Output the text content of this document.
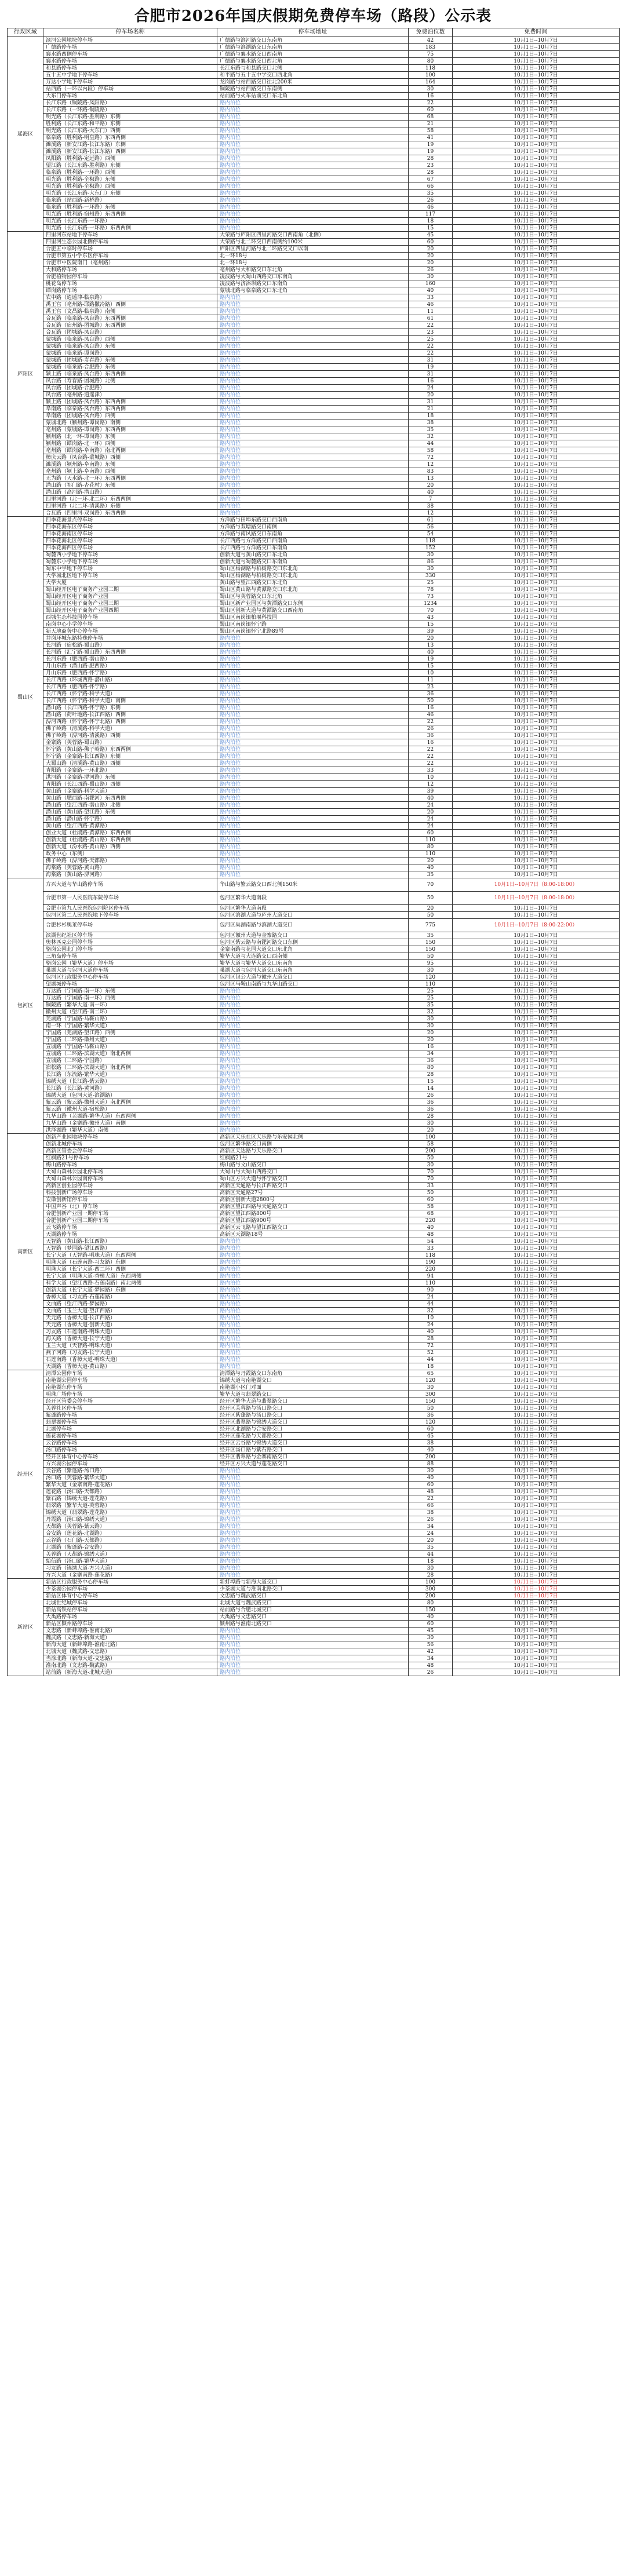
合肥市2026年国庆假期免费停车场（路段）公示表
行政区域	停车场名称	停车场地址	免费泊位数	免费时间
瑶海区	滨河公园地块停车场	广德路与滨河路交口东南角	42	10月1日--10月7日
	广德路停车场	广德路与滨湖路交口东南角	183	10月1日--10月7日
	襄水路西侧停车场	广德路与襄水路交口西南角	75	10月1日--10月7日
	襄水路停车场	广德路与襄水路交口西北角	80	10月1日--10月7日
	和县路停车场	长江东路与和县路交口北侧	118	10月1日--10月7日
	五十五中学地下停车场	和平路与五十五中学交口西北角	100	10月1日--10月7日
	万达小学地下停车场	龙岗路与站西路交口往北200米	164	10月1日--10月7日
	站西路（一环以内段）停车场	铜陵路与站西路交口东南侧	30	10月1日--10月7日
	大东门停车场	站前路与火车站前交口东北角	16	10月1日--10月7日
	长江东路（铜陵路-凤阳路）	路内泊位	22	10月1日--10月7日
	长江东路（一环路-铜陵路）	路内泊位	60	10月1日--10月7日
	明光路（长江东路-胜利路）东侧	路内泊位	68	10月1日--10月7日
	胜利路（长江东路-和平路）东侧	路内泊位	21	10月1日--10月7日
	明光路（长江东路-大东门）西侧	路内泊位	58	10月1日--10月7日
	临泉路（胜利路-明皇路）东西两侧	路内泊位	41	10月1日--10月7日
	濉溪路（新安江路-长江东路）东侧	路内泊位	19	10月1日--10月7日
	濉溪路（新安江路-长江东路）西侧	路内泊位	19	10月1日--10月7日
	凤阳路（胜利路-定远路）西侧	路内泊位	28	10月1日--10月7日
	望江路（长江东路-胜利路）东侧	路内泊位	23	10月1日--10月7日
	临泉路（胜利路-一环路）西侧	路内泊位	28	10月1日--10月7日
	明光路（胜利路-全椒路）东侧	路内泊位	67	10月1日--10月7日
	明光路（胜利路-全椒路）西侧	路内泊位	66	10月1日--10月7日
	明光路（长江东路-大东门）东侧	路内泊位	35	10月1日--10月7日
	临泉路（站西路-新桥路）	路内泊位	26	10月1日--10月7日
	临泉路（胜利路-一环路）东侧	路内泊位	46	10月1日--10月7日
	明光路（胜利路-宿州路）东西两侧	路内泊位	117	10月1日--10月7日
	明光路（长江东路-一环路）	路内泊位	18	10月1日--10月7日
	明光路（长江东路-一环路）东西两侧	路内泊位	15	10月1日--10月7日
庐阳区	四里河东站地下停车场	大荣路与庐阳区四里河路交口西南角（北侧）	45	10月1日--10月7日
	四里河生态公园北侧停车场	大荣路与北二环交口西南侧约100米	60	10月1日--10月7日
	合肥五中临时停车场	庐阳区四里河路与北二环路交叉口以南	20	10月1日--10月7日
	合肥市第五中学东区停车场	北一环18号	20	10月1日--10月7日
	合肥市中医院南门（亳州路）	北一环18号	20	10月1日--10月7日
	大和路停车场	亳州路与大和路交口东北角	26	10月1日--10月7日
	合肥植物园停车场	凌波路与大蜀山西路交口东南角	30	10月1日--10月7日
	桃花岛停车场	凌波路与济浴坝路交口东南角	160	10月1日--10月7日
	谭岗路停车场	蒙城北路与临泉路交口东北角	40	10月1日--10月7日
	农中路（逍遥津-临泉路）	路内泊位	33	10月1日--10月7日
	禹王宫（亳州路-耶路撒冷路）西侧	路内泊位	46	10月1日--10月7日
	禹王宫（文昌路-临泉路）南侧	路内泊位	11	10月1日--10月7日
	合瓦路（临泉路-凤台路）东西两侧	路内泊位	61	10月1日--10月7日
	合瓦路（宿州路-团城路）东西两侧	路内泊位	22	10月1日--10月7日
	合瓦路（团城路-凤台路）	路内泊位	23	10月1日--10月7日
	蒙城路（临泉路-凤台路）西侧	路内泊位	25	10月1日--10月7日
	蒙城路（临泉路-凤台路）东侧	路内泊位	22	10月1日--10月7日
	蒙城路（临泉路-谭岗路）	路内泊位	22	10月1日--10月7日
	蒙城路（团城路-寿春路）东侧	路内泊位	31	10月1日--10月7日
	蒙城路（临泉路-合肥路）东侧	路内泊位	19	10月1日--10月7日
	颍上路（临泉路-凤台路）东西两侧	路内泊位	31	10月1日--10月7日
	凤台路（寿春路-团城路）北侧	路内泊位	16	10月1日--10月7日
	凤台路（团城路-合肥路）	路内泊位	24	10月1日--10月7日
	凤台路（亳州路-逍遥津）	路内泊位	20	10月1日--10月7日
	颍上路（团城路-凤台路）东西两侧	路内泊位	31	10月1日--10月7日
	阜南路（临泉路-凤台路）东西两侧	路内泊位	21	10月1日--10月7日
	阜南路（团城路-凤台路）西侧	路内泊位	18	10月1日--10月7日
	蒙城北路（颍州路-谭岗路）南侧	路内泊位	38	10月1日--10月7日
	亳州路（蒙城路-谭岗路）东西两侧	路内泊位	35	10月1日--10月7日
	颍州路（北一环-谭岗路）东侧	路内泊位	32	10月1日--10月7日
	颍州路（谭岗路-北一环）西侧	路内泊位	44	10月1日--10月7日
	亳州路（谭岗路-阜南路）南北两侧	路内泊位	58	10月1日--10月7日
	樟庆云路（凤台路-蒙城路）西侧	路内泊位	72	10月1日--10月7日
	濉溪路（颍州路-阜南路）东侧	路内泊位	12	10月1日--10月7日
	亳州路（颍上路-阜南路）西侧	路内泊位	83	10月1日--10月7日
	无为路（天水路-北一环）东西两侧	路内泊位	13	10月1日--10月7日
	潜山路（祁门路-杏花村）东侧	路内泊位	20	10月1日--10月7日
	潜山路（高河路-潜山路）	路内泊位	40	10月1日--10月7日
	四里河路（北一环-北二环）东西两侧	路内泊位	7	10月1日--10月7日
	四里河路（北二环-清溪路）东侧	路内泊位	38	10月1日--10月7日
	合瓦路（四里河-双岗路）东西两侧	路内泊位	12	10月1日--10月7日
蜀山区	四季花海景点停车场	方洋路与田埠东路交口西南角	61	10月1日--10月7日
	四季花海东区停车场	方洋路与双塘路交口南侧	56	10月1日--10月7日
	四季花海南区停车场	方洋路与南风路交口东南角	54	10月1日--10月7日
	四季花海北区停车场	长江西路与方洋路交口西南角	118	10月1日--10月7日
	四季花海西区停车场	长江西路与方洋路交口东南角	152	10月1日--10月7日
	蜀麓西小学地下停车场	创新大道与黄山路交口东北角	30	10月1日--10月7日
	蜀麓东小学地下停车场	创新大道与蜀麓路交口东南角	86	10月1日--10月7日
	蜀东中学地下停车场	蜀山区杨湖路与柏树路交口东北角	30	10月1日--10月7日
	大学城北区地下停车场	蜀山区杨湖路与柏树路交口东北角	330	10月1日--10月7日
	大学大厦	黄山路与望江西路交口东北角	25	10月1日--10月7日
	蜀山经开区电子商务产业园二期	蜀山区黄山路与黄潭路交口东北角	78	10月1日--10月7日
	蜀山经开区电子商务产业园	蜀山区与芙蓉路交口东北角	73	10月1日--10月7日
	蜀山经开区电子商务产业园三期	蜀山区新产业园区与黄潭路交口东侧	1234	10月1日--10月7日
	蜀山经开区电子商务产业园四期	蜀山区创新大道与黄潭路交口西南角	70	10月1日--10月7日
	西城生态科技园停车场	蜀山区南岗镇柏堰科技园	43	10月1日--10月7日
	南岗中心小学停车场	蜀山区南岗镇怀宁路	15	10月1日--10月7日
	新天地商务中心停车场	蜀山区南岗镇怀宁北路89号	39	10月1日--10月7日
	井岗环城东路特殊停车场	路内泊位	20	10月1日--10月7日
	长河路（宿松路-蜀山路）	路内泊位	13	10月1日--10月7日
	长河路（汇宁路-蜀山路）东西两侧	路内泊位	40	10月1日--10月7日
	长河东路（肥西路-潜山路）	路内泊位	19	10月1日--10月7日
	月山东路（潜山路-肥西路）	路内泊位	15	10月1日--10月7日
	月山东路（肥西路-怀宁路）	路内泊位	10	10月1日--10月7日
	长江西路（环城西路-潜山路）	路内泊位	11	10月1日--10月7日
	长江西路（肥西路-怀宁路）	路内泊位	23	10月1日--10月7日
	长江西路（怀宁路-科学大道）	路内泊位	36	10月1日--10月7日
	长江西路（怀宁路-科学大道）南侧	路内泊位	50	10月1日--10月7日
	潜山路（长江西路-怀宁路）东侧	路内泊位	16	10月1日--10月7日
	潜山路（荷叶地路-长江西路）西侧	路内泊位	46	10月1日--10月7日
	淠河西路（怀宁路-怀宁北路）西侧	路内泊位	22	10月1日--10月7日
	佛子岭路（清溪路-科学大道）	路内泊位	26	10月1日--10月7日
	佛子岭路（淠河路-清溪路）西侧	路内泊位	36	10月1日--10月7日
	金寨路（芙蓉路-蜀山路）	路内泊位	16	10月1日--10月7日
	怀宁路（黄山路-佛子岭路）东西两侧	路内泊位	22	10月1日--10月7日
	怀宁路（金寨路-长江西路）东侧	路内泊位	22	10月1日--10月7日
	大蜀山路（清溪路-黄山路）西侧	路内泊位	22	10月1日--10月7日
	青阳路（金寨路-一环北路）	路内泊位	33	10月1日--10月7日
	洪河路（金寨路-淠河路）东侧	路内泊位	10	10月1日--10月7日
	青阳路（长江西路-蜀山路）西侧	路内泊位	12	10月1日--10月7日
	黄山路（金寨路-科学大道）	路内泊位	39	10月1日--10月7日
	黄山路（肥西路-南淝河）东西两侧	路内泊位	40	10月1日--10月7日
	潜山路（望江西路-潜山路）北侧	路内泊位	24	10月1日--10月7日
	潜山路（黄山路-望江路）东侧	路内泊位	20	10月1日--10月7日
	潜山路（潜山路-怀宁路）	路内泊位	24	10月1日--10月7日
	黄山路（望江西路-黄潭路）	路内泊位	24	10月1日--10月7日
	创业大道（杜鹃路-黄潭路）东西两侧	路内泊位	60	10月1日--10月7日
	创新大道（杜鹃路-黄山路）东西两侧	路内泊位	110	10月1日--10月7日
	创新大道（汾水路-黄山路）西侧	路内泊位	80	10月1日--10月7日
	政务中心（东侧）	路内泊位	110	10月1日--10月7日
	佛子岭路（淠河路-天都路）	路内泊位	20	10月1日--10月7日
	海棠路（芙蓉路-黄山路）	路内泊位	40	10月1日--10月7日
	海棠路（黄山路-淠河路）	路内泊位	35	10月1日--10月7日
包河区	方兴大道与华山路停车场	华山路与繁云路交口西北侧150米	70	10月1日--10月7日（8:00-18:00）
	合肥市第一人民医院东院停车场	包河区繁华大道南段	50	10月1日--10月7日（8:00-18:00）
	合肥市第九人民医院包河院区停车场	包河区繁华大道南段	20	10月1日--10月7日
	包河区第二人民医院地下停车场	包河区滨湖大道与庐州大道交口	50	10月1日--10月7日
	合肥杉杉奥莱停车场	包河区巢湖南路与滨湖大道交口	775	10月1日--10月7日（8:00-22:00）
	滨湖世纪社区停车场	包河区徽州大道与金寨路交口	35	10月1日--10月7日
	奥林匹克公园停车场	包河区紫云路与南淝河路交口东侧	150	10月1日--10月7日
	骆岗公园北门停车场	金寨南路与花园大道交口东北角	150	10月1日--10月7日
	三角岛停车场	繁华大道与大连路交口西南侧	50	10月1日--10月7日
	骆岗公园（繁华大道）停车场	繁华大道与繁华大道交口东南角	95	10月1日--10月7日
	巢湖大道与包河大道停车场	巢湖大道与包河大道交口东南角	30	10月1日--10月7日
	包河区行政服务中心停车场	包河区包公大道与徽州大道交口	120	10月1日--10月7日
	望湖城停车场	包河区马鞍山南路与九华山路交口	110	10月1日--10月7日
	万达路（宁国路-南一环）东侧	路内泊位	25	10月1日--10月7日
	万达路（宁国路-南一环）西侧	路内泊位	25	10月1日--10月7日
	铜陵路（繁华大道-南一环）	路内泊位	35	10月1日--10月7日
	徽州大道（望江路-南二环）	路内泊位	32	10月1日--10月7日
	芜湖路（宁国路-马鞍山路）	路内泊位	30	10月1日--10月7日
	南一环（宁国路-繁华大道）	路内泊位	30	10月1日--10月7日
	宁国路（芜湖路-望江路）西侧	路内泊位	20	10月1日--10月7日
	宁国路（二环路-徽州大道）	路内泊位	20	10月1日--10月7日
	宣城路（宁国路-马鞍山路）	路内泊位	16	10月1日--10月7日
	宣城路（二环路-滨湖大道）南北两侧	路内泊位	34	10月1日--10月7日
	宣城路（二环路-宁国路）	路内泊位	36	10月1日--10月7日
	宿松路（二环路-滨湖大道）南北两侧	路内泊位	80	10月1日--10月7日
	长江路（东流路-繁华大道）	路内泊位	28	10月1日--10月7日
	锦绣大道（长江路-紫云路）	路内泊位	15	10月1日--10月7日
	长江路（长江路-黄河路）	路内泊位	14	10月1日--10月7日
	锦绣大道（包河大道-滨湖路）	路内泊位	26	10月1日--10月7日
	紫云路（紫云路-徽州大道）南北两侧	路内泊位	36	10月1日--10月7日
	紫云路（徽州大道-宿松路）	路内泊位	36	10月1日--10月7日
	九华山路（芜湖路-繁华大道）东西两侧	路内泊位	28	10月1日--10月7日
	九华山路（金寨路-徽州大道）南侧	路内泊位	30	10月1日--10月7日
	洪泽湖路（繁华大道）南侧	路内泊位	20	10月1日--10月7日
高新区	创新产业园地块停车场	高新区天乐社区天乐路与乐安园北侧	100	10月1日--10月7日
	创新北城停车场	包河区繁华路交口南侧	58	10月1日--10月7日
	高新区管委会停车场	高新区天达路与天乐路交口	200	10月1日--10月7日
	红枫路21号停车场	红枫路21号	50	10月1日--10月7日
	梅山路停车场	梅山路与文山路交口	30	10月1日--10月7日
	大蜀山森林公园北停车场	大蜀山与大蜀山西路交口	70	10月1日--10月7日
	大蜀山森林公园南停车场	蜀山区方兴大道与怀宁路交口	70	10月1日--10月7日
	高新区创业园停车场	高新区天通路与长江西路交口	33	10月1日--10月7日
	科技创新广场停车场	高新区天通路27号	50	10月1日--10月7日
	安徽创新馆停车场	高新区创新大道2800号	60	10月1日--10月7日
	中国声谷（北）停车场	高新区望江西路与天通路交口	58	10月1日--10月7日
	合肥创新产业园一期停车场	高新区望江西路800号	68	10月1日--10月7日
	合肥创新产业园二期停车场	高新区望江西路900号	220	10月1日--10月7日
	云飞路停车场	高新区云飞路与望江西路交口	40	10月1日--10月7日
	天湖路停车场	高新区天湖路18号	48	10月1日--10月7日
	天智路（黄山路-长江西路）	路内泊位	54	10月1日--10月7日
	天智路（梦园路-望江西路）	路内泊位	33	10月1日--10月7日
	长宁大道（天智路-明珠大道）东西两侧	路内泊位	118	10月1日--10月7日
	明珠大道（石莲南路-习友路）东侧	路内泊位	190	10月1日--10月7日
	明珠大道（长宁大道-西二环）西侧	路内泊位	220	10月1日--10月7日
	长宁大道（明珠大道-香樟大道）东西两侧	路内泊位	94	10月1日--10月7日
	科学大道（望江西路-石莲南路）南北两侧	路内泊位	110	10月1日--10月7日
	创新大道（长宁大道-梦园路）东侧	路内泊位	90	10月1日--10月7日
	香樟大道（习友路-石莲南路）	路内泊位	24	10月1日--10月7日
	文曲路（望江西路-梦园路）	路内泊位	44	10月1日--10月7日
	文曲路（玉兰大道-望江西路）	路内泊位	32	10月1日--10月7日
	天元路（香樟大道-长江西路）	路内泊位	10	10月1日--10月7日
	天元路（香樟大道-创新大道）	路内泊位	24	10月1日--10月7日
	习友路（石莲南路-明珠大道）	路内泊位	40	10月1日--10月7日
	海关路（香樟大道-长宁大道）	路内泊位	28	10月1日--10月7日
	玉兰大道（天智路-明珠大道）	路内泊位	72	10月1日--10月7日
	燕子河路（习友路-长宁大道）	路内泊位	52	10月1日--10月7日
	石莲南路（香樟大道-明珠大道）	路内泊位	44	10月1日--10月7日
	天湖路（香樟大道-黄山路）	路内泊位	18	10月1日--10月7日
经开区	清潭公园停车场	清潭路与丹霞路交口东南角	65	10月1日--10月7日
	南艳湖公园停车场	锦绣大道与南艳湖交口	120	10月1日--10月7日
	南艳湖东停车场	南艳湖小区门对面	30	10月1日--10月7日
	明珠广场停车场	繁华大道与翡翠路交口	300	10月1日--10月7日
	经开区管委会停车场	经开区繁华大道与翡翠路交口	150	10月1日--10月7日
	芙蓉社区停车场	经开区芙蓉路与汤口路交口	50	10月1日--10月7日
	紫蓬路停车场	经开区紫蓬路与汤口路交口	36	10月1日--10月7日
	翡翠湖停车场	经开区翡翠路与锦绣大道交口	120	10月1日--10月7日
	北湖停车场	经开区北湖路与合安路交口	60	10月1日--10月7日
	莲花湖停车场	经开区莲花路与天都路交口	45	10月1日--10月7日
	云谷路停车场	经开区云谷路与锦绣大道交口	38	10月1日--10月7日
	汤口路停车场	经开区汤口路与紫石路交口	40	10月1日--10月7日
	经开区体育中心停车场	经开区翡翠路与金寨南路交口	200	10月1日--10月7日
	方兴湖公园停车场	经开区方兴大道与莲花路交口	88	10月1日--10月7日
	云谷路（紫蓬路-汤口路）	路内泊位	30	10月1日--10月7日
	汤口路（芙蓉路-繁华大道）	路内泊位	40	10月1日--10月7日
	繁华大道（金寨南路-莲花路）	路内泊位	60	10月1日--10月7日
	莲花路（汤口路-天都路）	路内泊位	48	10月1日--10月7日
	紫石路（锦绣大道-莲花路）	路内泊位	22	10月1日--10月7日
	翡翠路（繁华大道-芙蓉路）	路内泊位	66	10月1日--10月7日
	锦绣大道（翡翠路-莲花路）	路内泊位	38	10月1日--10月7日
	丹霞路（汤口路-锦绣大道）	路内泊位	26	10月1日--10月7日
	天都路（芙蓉路-紫云路）	路内泊位	34	10月1日--10月7日
	合安路（莲花路-北湖路）	路内泊位	24	10月1日--10月7日
	云谷路（石门路-天都路）	路内泊位	20	10月1日--10月7日
	北湖路（紫蓬路-合安路）	路内泊位	35	10月1日--10月7日
	芙蓉路（天都路-锦绣大道）	路内泊位	44	10月1日--10月7日
	始信路（汤口路-繁华大道）	路内泊位	18	10月1日--10月7日
	习友路（锦绣大道-方兴大道）	路内泊位	30	10月1日--10月7日
	方兴大道（金寨南路-莲花路）	路内泊位	28	10月1日--10月7日
新站区	新站区行政服务中心停车场	新蚌埠路与新海大道交口	100	10月1日--10月7日
	少荃湖公园停车场	少荃湖大道与淮南北路交口	300	10月1日--10月7日
	新站区体育中心停车场	文忠路与魏武路交口	200	10月1日--10月7日
	北城世纪城停车场	北城大道与魏武路交口	80	10月1日--10月7日
	新站高铁站停车场	站前路与合肥北城交口	150	10月1日--10月7日
	大禹路停车场	大禹路与文忠路交口	40	10月1日--10月7日
	新站区颍州路停车场	颍州路与淮南北路交口	60	10月1日--10月7日
	文忠路（新蚌埠路-淮南北路）	路内泊位	45	10月1日--10月7日
	魏武路（文忠路-新海大道）	路内泊位	30	10月1日--10月7日
	新海大道（新蚌埠路-淮南北路）	路内泊位	56	10月1日--10月7日
	北城大道（魏武路-文忠路）	路内泊位	42	10月1日--10月7日
	当涂北路（新海大道-文忠路）	路内泊位	34	10月1日--10月7日
	淮南北路（文忠路-魏武路）	路内泊位	48	10月1日--10月7日
	站前路（新海大道-北城大道）	路内泊位	26	10月1日--10月7日
